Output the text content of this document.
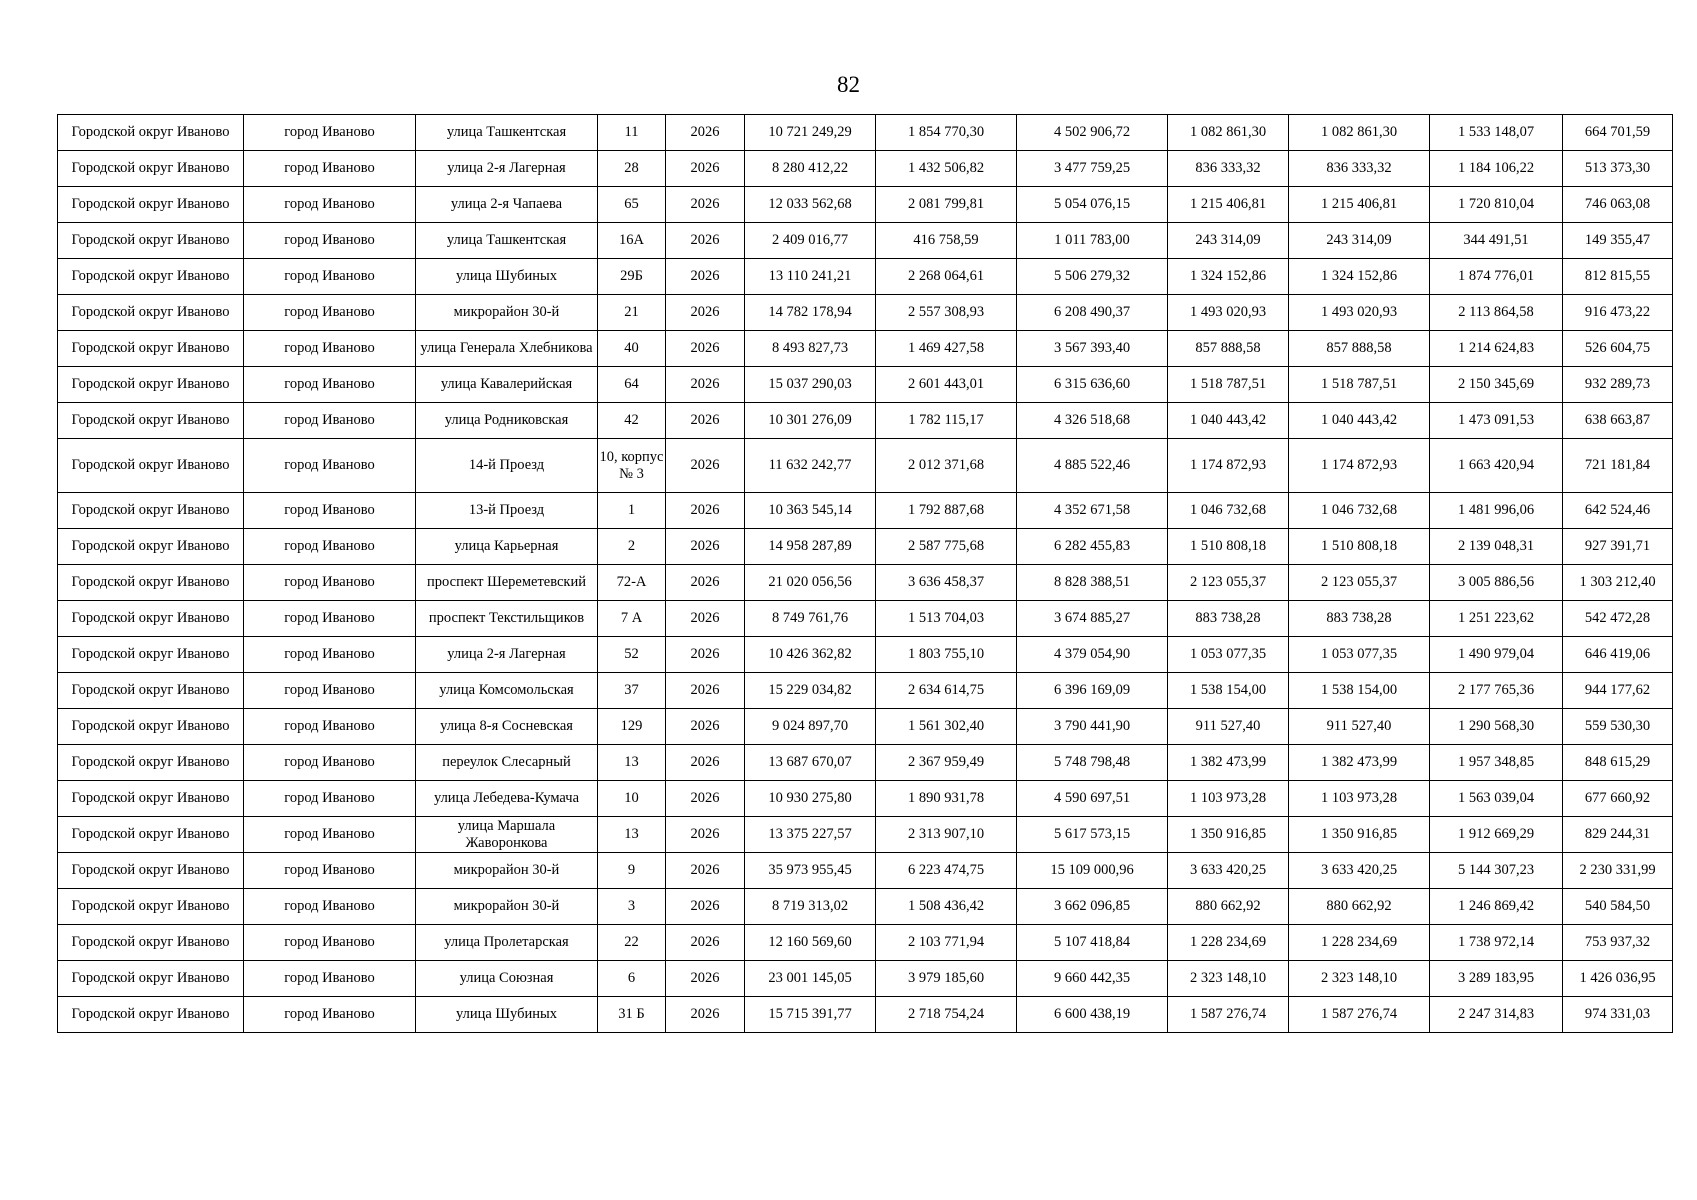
82
Городской округ Иваново	город Иваново	улица Ташкентская	11	2026	10 721 249,29	1 854 770,30	4 502 906,72	1 082 861,30	1 082 861,30	1 533 148,07	664 701,59
Городской округ Иваново	город Иваново	улица 2-я Лагерная	28	2026	8 280 412,22	1 432 506,82	3 477 759,25	836 333,32	836 333,32	1 184 106,22	513 373,30
Городской округ Иваново	город Иваново	улица 2-я Чапаева	65	2026	12 033 562,68	2 081 799,81	5 054 076,15	1 215 406,81	1 215 406,81	1 720 810,04	746 063,08
Городской округ Иваново	город Иваново	улица Ташкентская	16А	2026	2 409 016,77	416 758,59	1 011 783,00	243 314,09	243 314,09	344 491,51	149 355,47
Городской округ Иваново	город Иваново	улица Шубиных	29Б	2026	13 110 241,21	2 268 064,61	5 506 279,32	1 324 152,86	1 324 152,86	1 874 776,01	812 815,55
Городской округ Иваново	город Иваново	микрорайон 30-й	21	2026	14 782 178,94	2 557 308,93	6 208 490,37	1 493 020,93	1 493 020,93	2 113 864,58	916 473,22
Городской округ Иваново	город Иваново	улица Генерала Хлебникова	40	2026	8 493 827,73	1 469 427,58	3 567 393,40	857 888,58	857 888,58	1 214 624,83	526 604,75
Городской округ Иваново	город Иваново	улица Кавалерийская	64	2026	15 037 290,03	2 601 443,01	6 315 636,60	1 518 787,51	1 518 787,51	2 150 345,69	932 289,73
Городской округ Иваново	город Иваново	улица Родниковская	42	2026	10 301 276,09	1 782 115,17	4 326 518,68	1 040 443,42	1 040 443,42	1 473 091,53	638 663,87
Городской округ Иваново	город Иваново	14-й Проезд	10, корпус № 3	2026	11 632 242,77	2 012 371,68	4 885 522,46	1 174 872,93	1 174 872,93	1 663 420,94	721 181,84
Городской округ Иваново	город Иваново	13-й Проезд	1	2026	10 363 545,14	1 792 887,68	4 352 671,58	1 046 732,68	1 046 732,68	1 481 996,06	642 524,46
Городской округ Иваново	город Иваново	улица Карьерная	2	2026	14 958 287,89	2 587 775,68	6 282 455,83	1 510 808,18	1 510 808,18	2 139 048,31	927 391,71
Городской округ Иваново	город Иваново	проспект Шереметевский	72-А	2026	21 020 056,56	3 636 458,37	8 828 388,51	2 123 055,37	2 123 055,37	3 005 886,56	1 303 212,40
Городской округ Иваново	город Иваново	проспект Текстильщиков	7 А	2026	8 749 761,76	1 513 704,03	3 674 885,27	883 738,28	883 738,28	1 251 223,62	542 472,28
Городской округ Иваново	город Иваново	улица 2-я Лагерная	52	2026	10 426 362,82	1 803 755,10	4 379 054,90	1 053 077,35	1 053 077,35	1 490 979,04	646 419,06
Городской округ Иваново	город Иваново	улица Комсомольская	37	2026	15 229 034,82	2 634 614,75	6 396 169,09	1 538 154,00	1 538 154,00	2 177 765,36	944 177,62
Городской округ Иваново	город Иваново	улица 8-я Сосневская	129	2026	9 024 897,70	1 561 302,40	3 790 441,90	911 527,40	911 527,40	1 290 568,30	559 530,30
Городской округ Иваново	город Иваново	переулок Слесарный	13	2026	13 687 670,07	2 367 959,49	5 748 798,48	1 382 473,99	1 382 473,99	1 957 348,85	848 615,29
Городской округ Иваново	город Иваново	улица Лебедева-Кумача	10	2026	10 930 275,80	1 890 931,78	4 590 697,51	1 103 973,28	1 103 973,28	1 563 039,04	677 660,92
Городской округ Иваново	город Иваново	улица Маршала Жаворонкова	13	2026	13 375 227,57	2 313 907,10	5 617 573,15	1 350 916,85	1 350 916,85	1 912 669,29	829 244,31
Городской округ Иваново	город Иваново	микрорайон 30-й	9	2026	35 973 955,45	6 223 474,75	15 109 000,96	3 633 420,25	3 633 420,25	5 144 307,23	2 230 331,99
Городской округ Иваново	город Иваново	микрорайон 30-й	3	2026	8 719 313,02	1 508 436,42	3 662 096,85	880 662,92	880 662,92	1 246 869,42	540 584,50
Городской округ Иваново	город Иваново	улица Пролетарская	22	2026	12 160 569,60	2 103 771,94	5 107 418,84	1 228 234,69	1 228 234,69	1 738 972,14	753 937,32
Городской округ Иваново	город Иваново	улица Союзная	6	2026	23 001 145,05	3 979 185,60	9 660 442,35	2 323 148,10	2 323 148,10	3 289 183,95	1 426 036,95
Городской округ Иваново	город Иваново	улица Шубиных	31 Б	2026	15 715 391,77	2 718 754,24	6 600 438,19	1 587 276,74	1 587 276,74	2 247 314,83	974 331,03
